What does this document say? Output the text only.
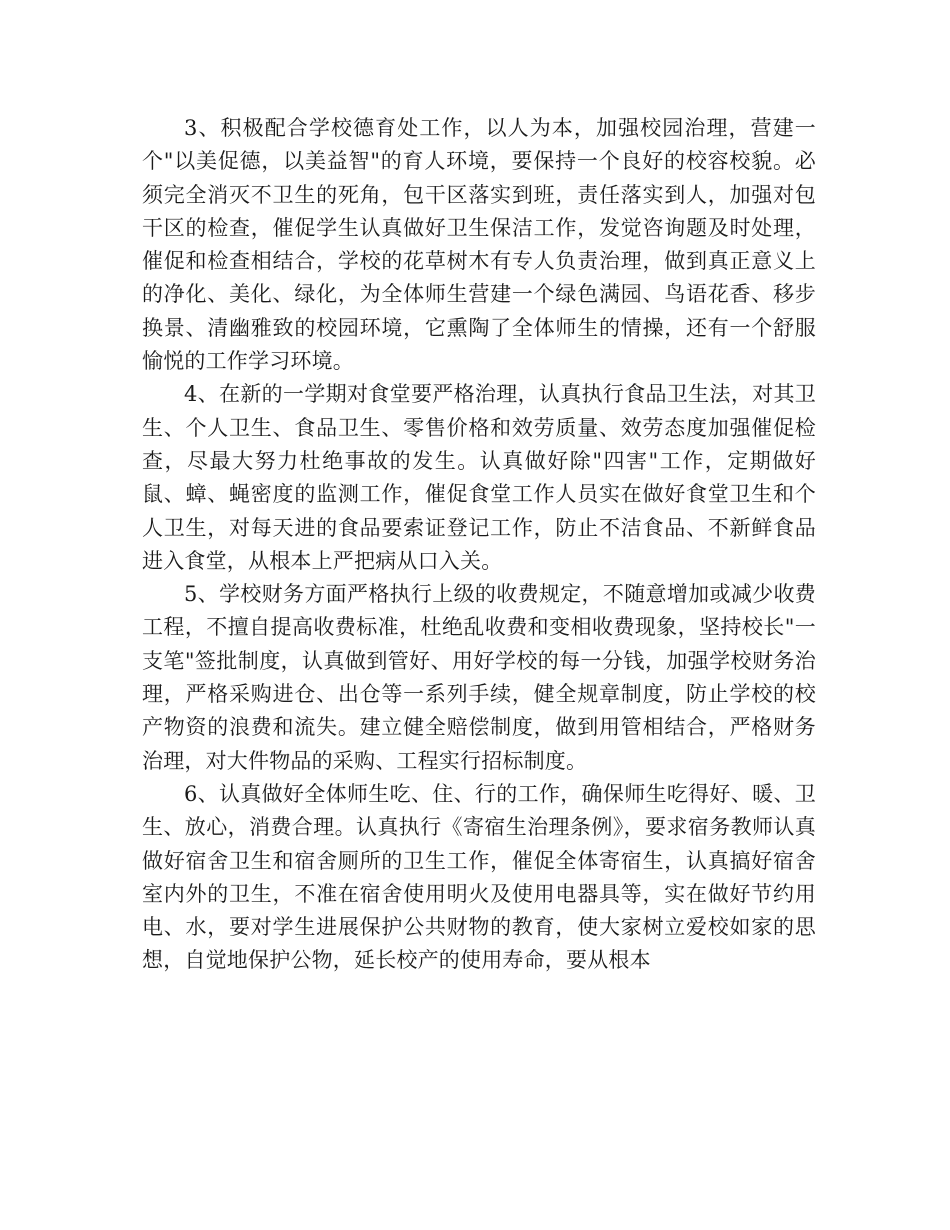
3、积极配合学校德育处工作，以人为本，加强校园治理，营建一个"以美促德，以美益智"的育人环境，要保持一个良好的校容校貌。必须完全消灭不卫生的死角，包干区落实到班，责任落实到人，加强对包干区的检查，催促学生认真做好卫生保洁工作，发觉咨询题及时处理，催促和检查相结合，学校的花草树木有专人负责治理，做到真正意义上的净化、美化、绿化，为全体师生营建一个绿色满园、鸟语花香、移步换景、清幽雅致的校园环境，它熏陶了全体师生的情操，还有一个舒服愉悦的工作学习环境。

4、在新的一学期对食堂要严格治理，认真执行食品卫生法，对其卫生、个人卫生、食品卫生、零售价格和效劳质量、效劳态度加强催促检查，尽最大努力杜绝事故的发生。认真做好除"四害"工作，定期做好鼠、蟑、蝇密度的监测工作，催促食堂工作人员实在做好食堂卫生和个人卫生，对每天进的食品要索证登记工作，防止不洁食品、不新鲜食品进入食堂，从根本上严把病从口入关。

5、学校财务方面严格执行上级的收费规定，不随意增加或减少收费工程，不擅自提高收费标准，杜绝乱收费和变相收费现象，坚持校长"一支笔"签批制度，认真做到管好、用好学校的每一分钱，加强学校财务治理，严格采购进仓、出仓等一系列手续，健全规章制度，防止学校的校产物资的浪费和流失。建立健全赔偿制度，做到用管相结合，严格财务治理，对大件物品的采购、工程实行招标制度。

6、认真做好全体师生吃、住、行的工作，确保师生吃得好、暖、卫生、放心，消费合理。认真执行《寄宿生治理条例》，要求宿务教师认真做好宿舍卫生和宿舍厕所的卫生工作，催促全体寄宿生，认真搞好宿舍室内外的卫生，不准在宿舍使用明火及使用电器具等，实在做好节约用电、水，要对学生进展保护公共财物的教育，使大家树立爱校如家的思想，自觉地保护公物，延长校产的使用寿命，要从根本
